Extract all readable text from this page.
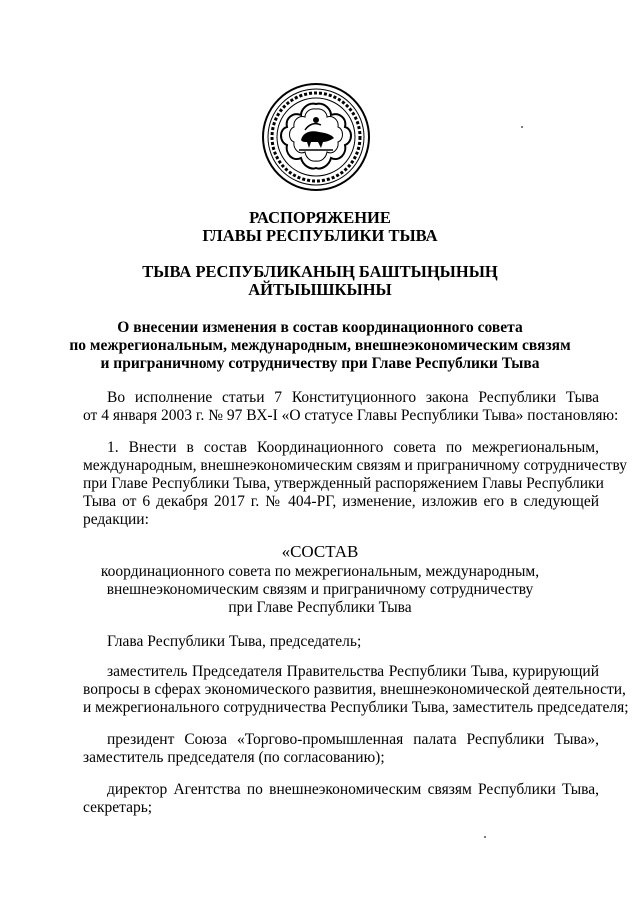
РАСПОРЯЖЕНИЕ
ГЛАВЫ РЕСПУБЛИКИ ТЫВА
ТЫВА РЕСПУБЛИКАНЫҢ БАШТЫҢЫНЫҢ
АЙТЫЫШКЫНЫ
О внесении изменения в состав координационного совета
по межрегиональным, международным, внешнеэкономическим связям
и приграничному сотрудничеству при Главе Республики Тыва
Во исполнение статьи 7 Конституционного закона Республики Тыва
от 4 января 2003 г. № 97 ВХ-I «О статусе Главы Республики Тыва» постановляю:
1. Внести в состав Координационного совета по межрегиональным,
международным, внешнеэкономическим связям и приграничному сотрудничеству
при Главе Республики Тыва, утвержденный распоряжением Главы Республики
Тыва от 6 декабря 2017 г. № 404-РГ, изменение, изложив его в следующей
редакции:
«СОСТАВ
координационного совета по межрегиональным, международным,
внешнеэкономическим связям и приграничному сотрудничеству
при Главе Республики Тыва
Глава Республики Тыва, председатель;
заместитель Председателя Правительства Республики Тыва, курирующий
вопросы в сферах экономического развития, внешнеэкономической деятельности,
и межрегионального сотрудничества Республики Тыва, заместитель председателя;
президент Союза «Торгово-промышленная палата Республики Тыва»,
заместитель председателя (по согласованию);
директор Агентства по внешнеэкономическим связям Республики Тыва,
секретарь;
